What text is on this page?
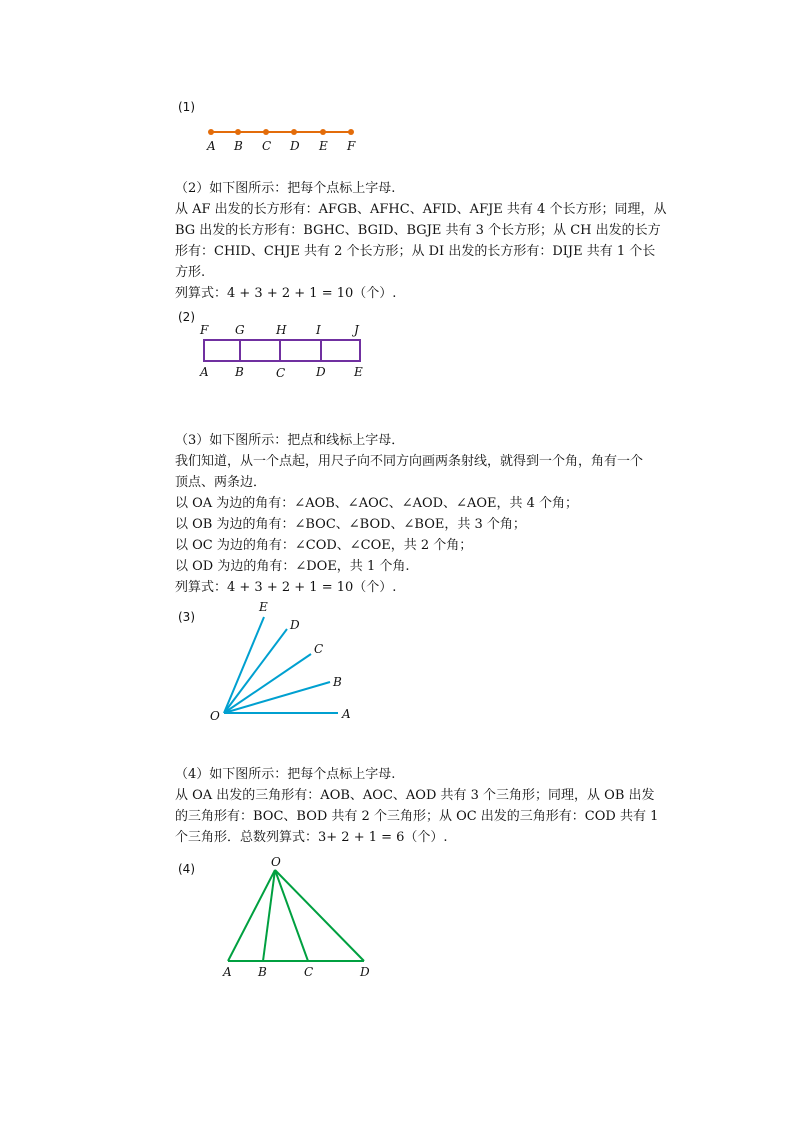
(1)
A B C D E F
（2）如下图所示：把每个点标上字母.
从 AF 出发的长方形有：AFGB、AFHC、AFID、AFJE 共有 4 个长方形；同理，从
BG 出发的长方形有：BGHC、BGID、BGJE 共有 3 个长方形；从 CH 出发的长方
形有：CHID、CHJE 共有 2 个长方形；从 DI 出发的长方形有：DIJE 共有 1 个长
方形.
列算式：4 + 3 + 2 + 1 = 10（个）.
(2)
F G	H I	J
A B	C	D E
（3）如下图所示：把点和线标上字母．
我们知道，从一个点起，用尺子向不同方向画两条射线，就得到一个角，角有一个
顶点、两条边．
以 OA 为边的角有：∠AOB、∠AOC、∠AOD、∠AOE，共 4 个角；
以 OB 为边的角有：∠BOC、∠BOD、∠BOE，共 3 个角；
以 OC 为边的角有：∠COD、∠COE，共 2 个角；
以 OD 为边的角有：∠DOE，共 1 个角.
列算式：4 + 3 + 2 + 1 = 10（个）.
(3)
O	A
B
C
D
E
（4）如下图所示：把每个点标上字母.
从 OA 出发的三角形有：AOB、AOC、AOD 共有 3 个三角形；同理，从 OB 出发
的三角形有：BOC、BOD 共有 2 个三角形；从 OC 出发的三角形有：COD 共有 1
个三角形．总数列算式：3+ 2 + 1 = 6（个）.
(4)	O
A B	C	D
